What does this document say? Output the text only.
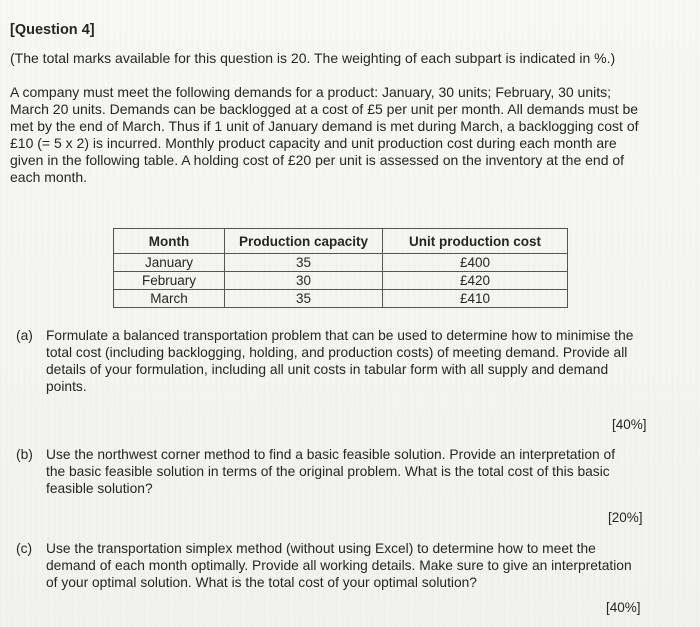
[Question 4]
(The total marks available for this question is 20. The weighting of each subpart is indicated in %.)
A company must meet the following demands for a product: January, 30 units; February, 30 units;
March 20 units. Demands can be backlogged at a cost of £5 per unit per month. All demands must be
met by the end of March. Thus if 1 unit of January demand is met during March, a backlogging cost of
£10 (= 5 x 2) is incurred. Monthly product capacity and unit production cost during each month are
given in the following table. A holding cost of £20 per unit is assessed on the inventory at the end of
each month.
Month	Production capacity	Unit production cost
January	35	£400
February	30	£420
March	35	£410
(a) Formulate a balanced transportation problem that can be used to determine how to minimise the
total cost (including backlogging, holding, and production costs) of meeting demand. Provide all
details of your formulation, including all unit costs in tabular form with all supply and demand
points.
[40%]
(b) Use the northwest corner method to find a basic feasible solution. Provide an interpretation of
the basic feasible solution in terms of the original problem. What is the total cost of this basic
feasible solution?
[20%]
(c) Use the transportation simplex method (without using Excel) to determine how to meet the
demand of each month optimally. Provide all working details. Make sure to give an interpretation
of your optimal solution. What is the total cost of your optimal solution?
[40%]
